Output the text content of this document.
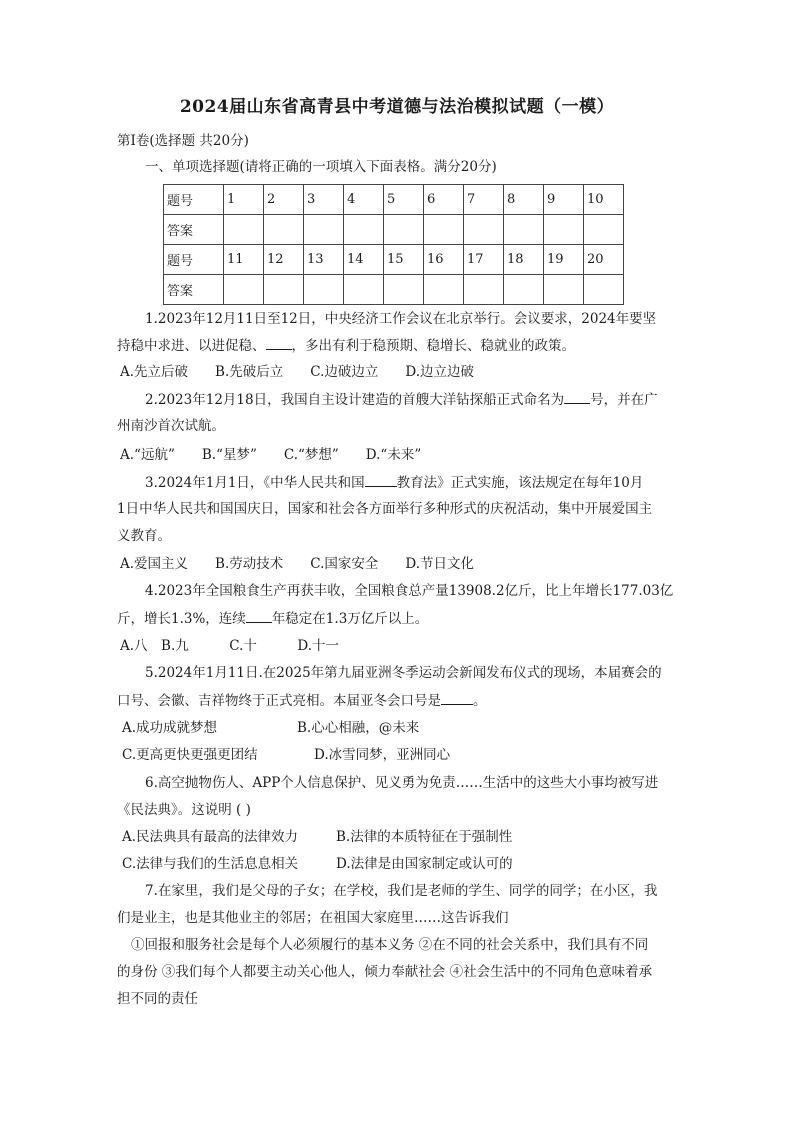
2024届山东省高青县中考道德与法治模拟试题（一模）
第Ⅰ卷(选择题 共20分)
一、单项选择题(请将正确的一项填入下面表格。满分20分)
题号	1	2	3	4	5	6	7	8	9	10
答案										
题号	11	12	13	14	15	16	17	18	19	20
答案										
1.2023年12月11日至12日，中央经济工作会议在北京举行。会议要求，2024年要坚
持稳中求进、以进促稳、 ，多出有利于稳预期、稳增长、稳就业的政策。
A.先立后破　　B.先破后立　　C.边破边立　　D.边立边破
2.2023年12月18日，我国自主设计建造的首艘大洋钻探船正式命名为 号，并在广
州南沙首次试航。
A.“远航”　　B.“星梦”　　C.“梦想”　　D.“未来”
3.2024年1月1日，《中华人民共和国 教育法》正式实施，该法规定在每年10月
1日中华人民共和国国庆日，国家和社会各方面举行多种形式的庆祝活动，集中开展爱国主
义教育。
A.爱国主义　　B.劳动技术　　C.国家安全　　D.节日文化
4.2023年全国粮食生产再获丰收，全国粮食总产量13908.2亿斤，比上年增长177.03亿
斤，增长1.3%，连续 年稳定在1.3万亿斤以上。
A.八　B.九　　　C.十　　　D.十一
5.2024年1月11日.在2025年第九届亚洲冬季运动会新闻发布仪式的现场，本届赛会的
口号、会徽、吉祥物终于正式亮相。本届亚冬会口号是 。
A.成功成就梦想	B.心心相融，@未来
C.更高更快更强更团结	D.冰雪同梦，亚洲同心
6.高空抛物伤人、APP个人信息保护、见义勇为免责……生活中的这些大小事均被写进
《民法典》。这说明 ( )
A.民法典具有最高的法律效力	B.法律的本质特征在于强制性
C.法律与我们的生活息息相关	D.法律是由国家制定或认可的
7.在家里，我们是父母的子女；在学校，我们是老师的学生、同学的同学；在小区，我
们是业主，也是其他业主的邻居；在祖国大家庭里……这告诉我们
①回报和服务社会是每个人必须履行的基本义务 ②在不同的社会关系中，我们具有不同
的身份 ③我们每个人都要主动关心他人，倾力奉献社会 ④社会生活中的不同角色意味着承
担不同的责任
